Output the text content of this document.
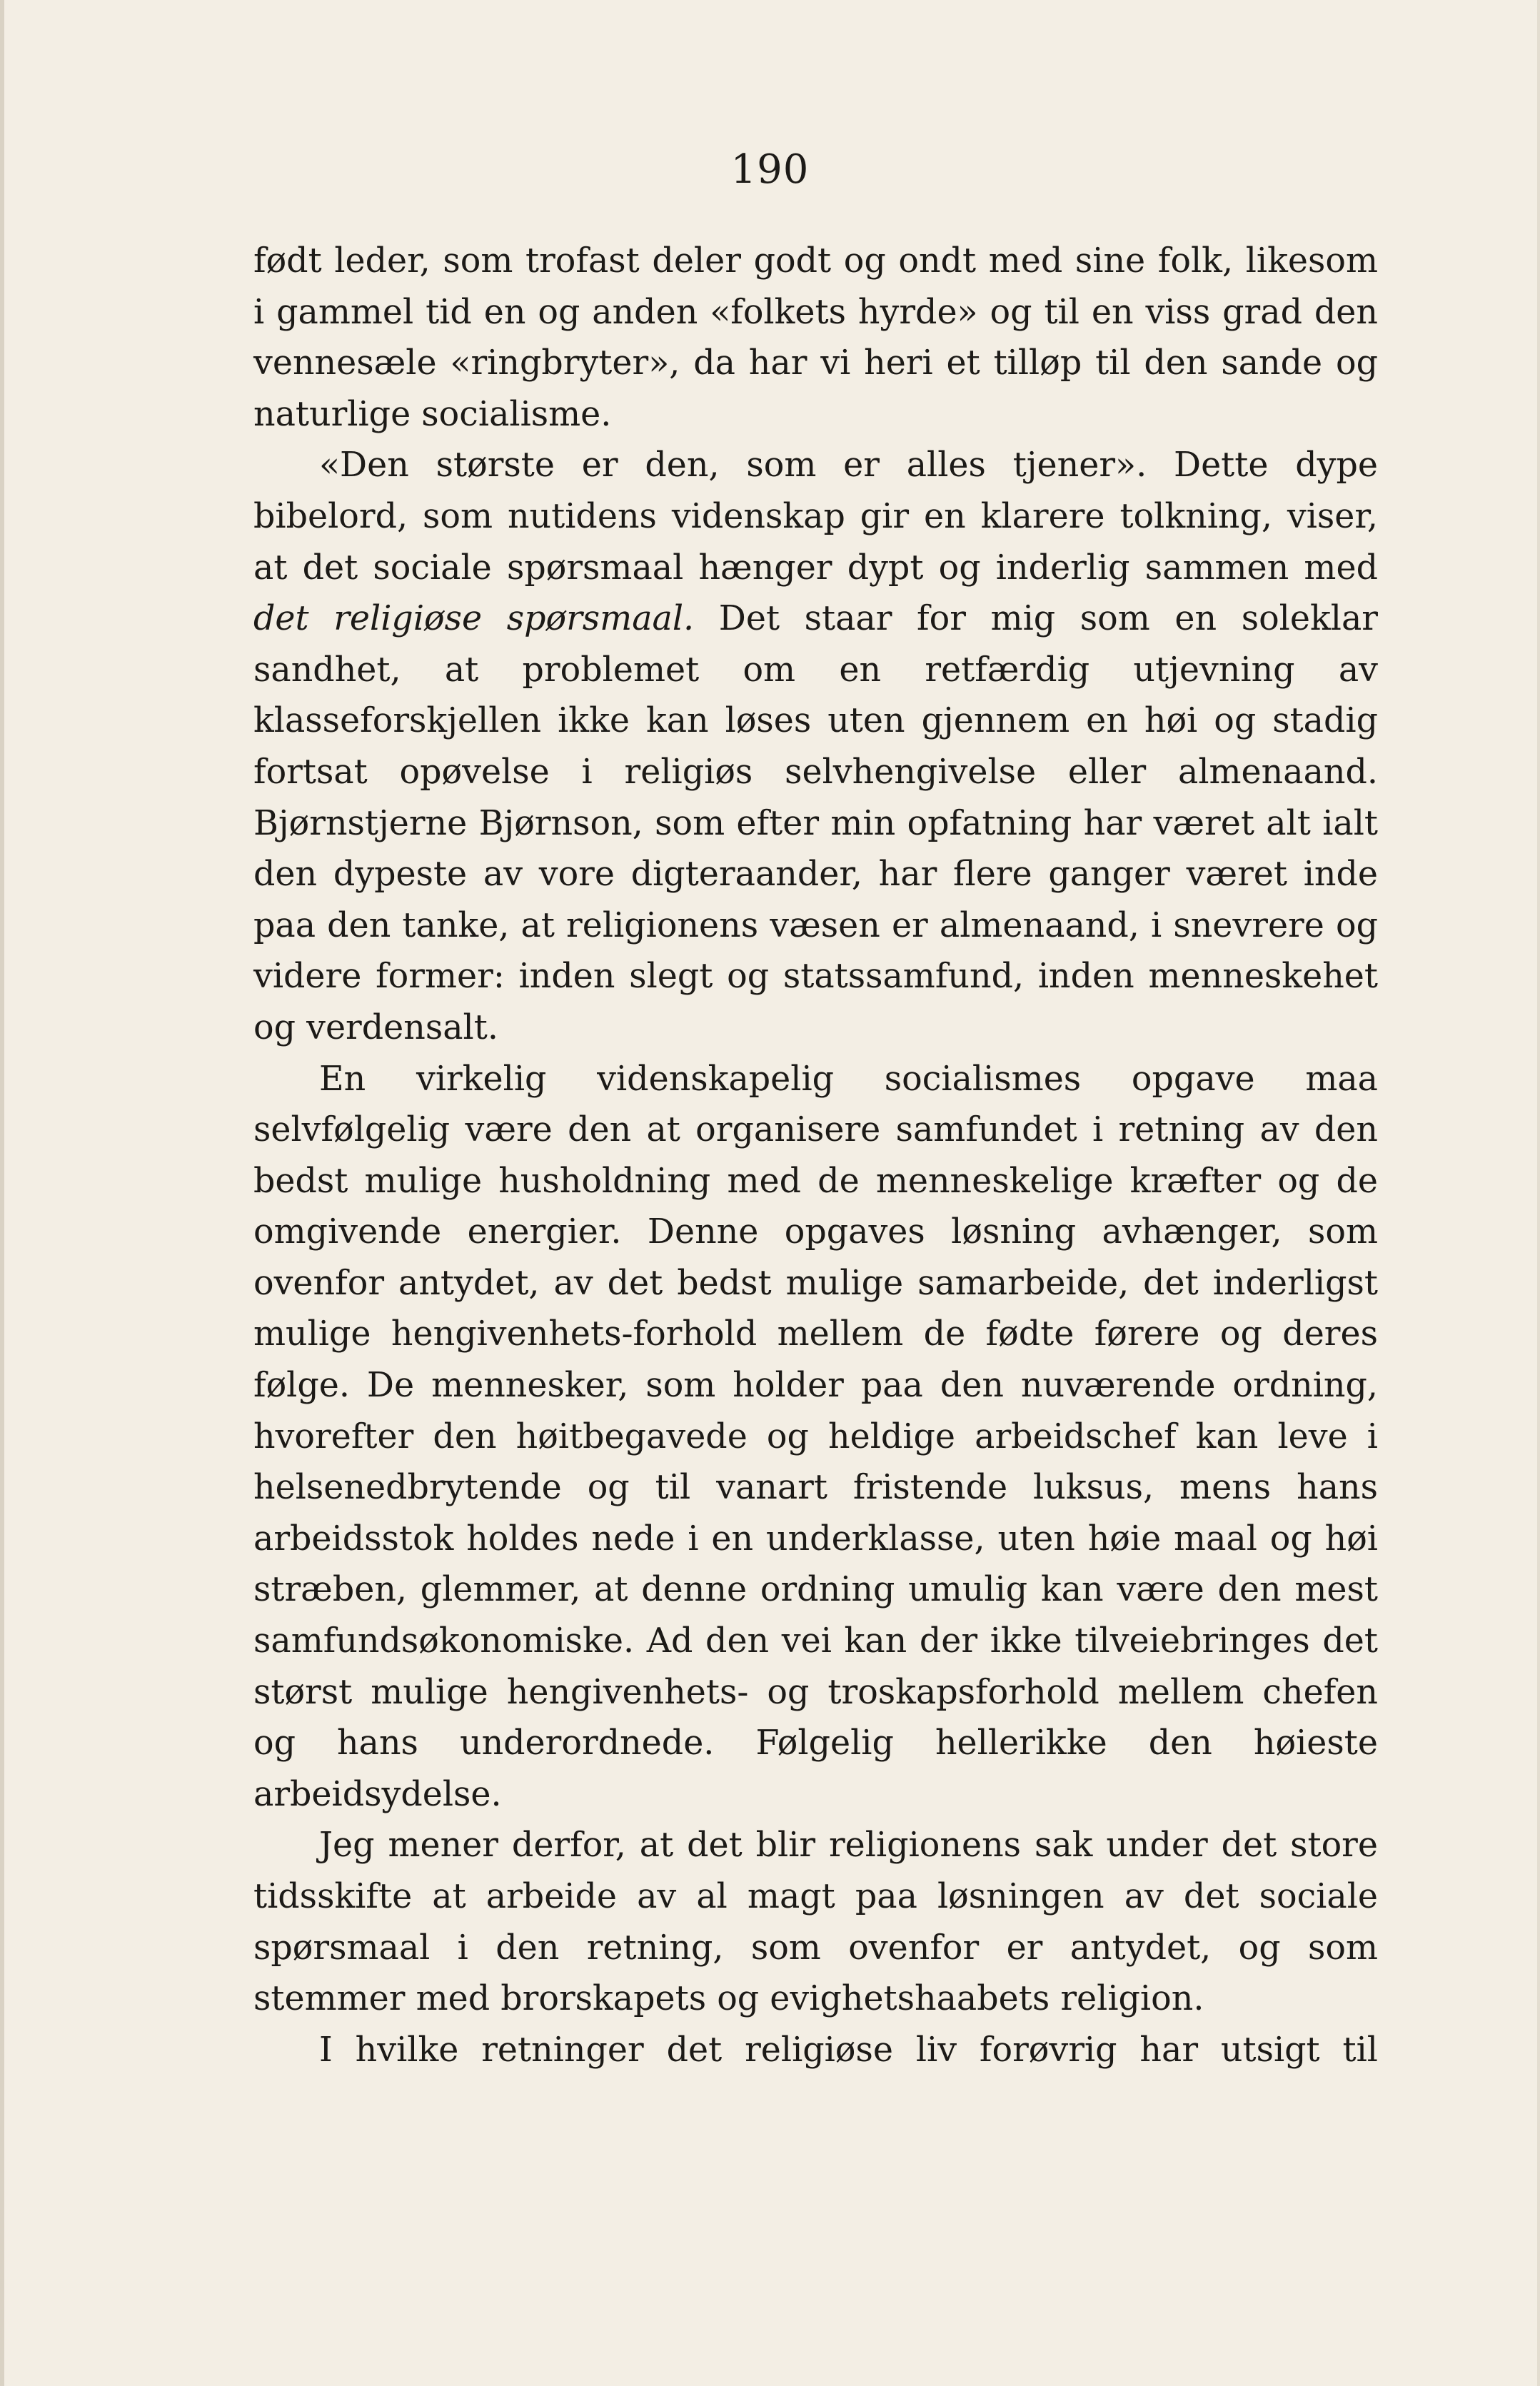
190

født leder, som trofast deler godt og ondt med sine folk, likesom i gammel tid en og anden «folkets hyrde» og til en viss grad den vennesæle «ringbryter», da har vi heri et tilløp til den sande og naturlige socialisme.

«Den største er den, som er alles tjener». Dette dype bibelord, som nutidens videnskap gir en klarere tolkning, viser, at det sociale spørsmaal hænger dypt og inderlig sammen med det religiøse spørsmaal. Det staar for mig som en soleklar sandhet, at problemet om en retfærdig utjevning av klasseforskjellen ikke kan løses uten gjennem en høi og stadig fortsat opøvelse i religiøs selvhengivelse eller almenaand. Bjørnstjerne Bjørnson, som efter min opfatning har været alt ialt den dypeste av vore digteraander, har flere ganger været inde paa den tanke, at religionens væsen er almenaand, i snevrere og videre former: inden slegt og statssamfund, inden menneskehet og verdensalt.

En virkelig videnskapelig socialismes opgave maa selvfølgelig være den at organisere samfundet i retning av den bedst mulige husholdning med de menneskelige kræfter og de omgivende energier. Denne opgaves løsning avhænger, som ovenfor antydet, av det bedst mulige samarbeide, det inderligst mulige hengivenhets-forhold mellem de fødte førere og deres følge. De mennesker, som holder paa den nuværende ordning, hvorefter den høitbegavede og heldige arbeidschef kan leve i helsenedbrytende og til vanart fristende luksus, mens hans arbeidsstok holdes nede i en underklasse, uten høie maal og høi stræben, glemmer, at denne ordning umulig kan være den mest samfundsøkonomiske. Ad den vei kan der ikke tilveiebringes det størst mulige hengivenhets- og troskapsforhold mellem chefen og hans underordnede. Følgelig hellerikke den høieste arbeidsydelse.

Jeg mener derfor, at det blir religionens sak under det store tidsskifte at arbeide av al magt paa løsningen av det sociale spørsmaal i den retning, som ovenfor er antydet, og som stemmer med brorskapets og evighetshaabets religion.

I hvilke retninger det religiøse liv forøvrig har utsigt til
